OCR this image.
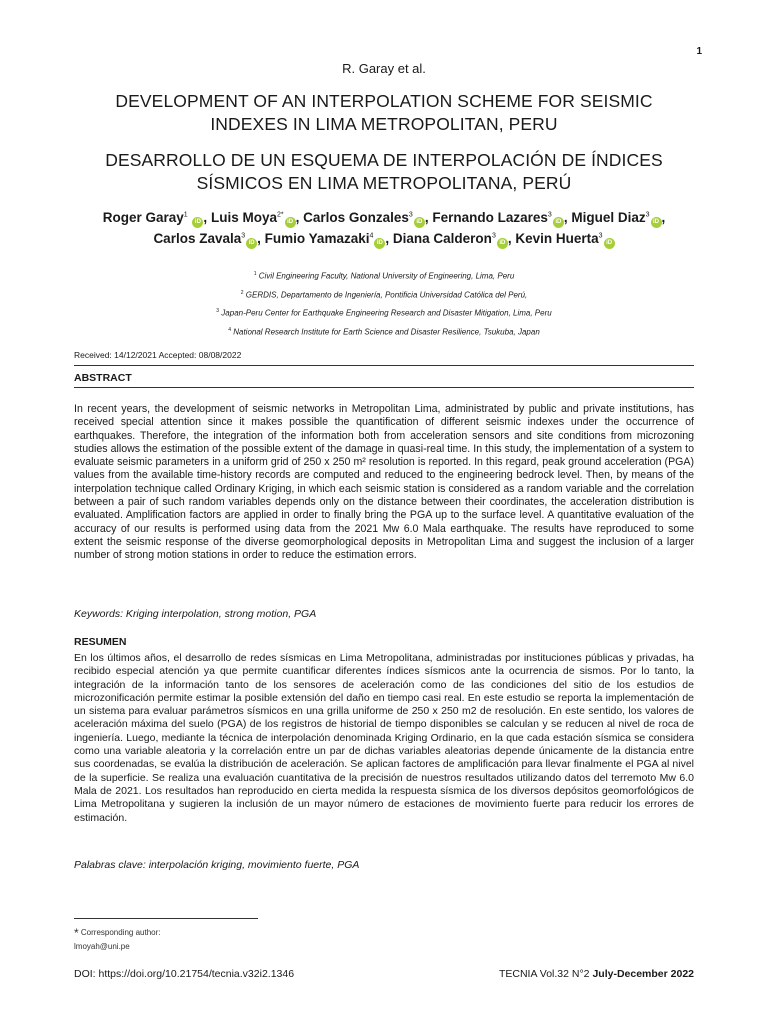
1
R. Garay et al.
DEVELOPMENT OF AN INTERPOLATION SCHEME FOR SEISMIC
INDEXES IN LIMA METROPOLITAN, PERU
DESARROLLO DE UN ESQUEMA DE INTERPOLACIÓN DE ÍNDICES
SÍSMICOS EN LIMA METROPOLITANA, PERÚ
Roger Garay$^1$ iD , Luis Moya$^{2*}$iD , Carlos Gonzales$^3$iD , Fernando Lazares$^3$iD , Miguel Diaz$^3$iD ,
Carlos Zavala$^3$iD , Fumio Yamazaki$^4$iD , Diana Calderon$^3$iD , Kevin Huerta$^3$iD
$^1$ Civil Engineering Faculty, National University of Engineering, Lima, Peru
$^2$ GERDIS, Departamento de Ingeniería, Pontificia Universidad Católica del Perú,
$^3$ Japan-Peru Center for Earthquake Engineering Research and Disaster Mitigation, Lima, Peru
$^4$ National Research Institute for Earth Science and Disaster Resilience, Tsukuba, Japan
Received: 14/12/2021 Accepted: 08/08/2022
ABSTRACT

In recent years, the development of seismic networks in Metropolitan Lima, administrated by public and private institutions, has received special attention since it makes possible the quantification of different seismic indexes under the occurrence of earthquakes. Therefore, the integration of the information both from acceleration sensors and site conditions from microzoning studies allows the estimation of the possible extent of the damage in quasi-real time. In this study, the implementation of a system to evaluate seismic parameters in a uniform grid of 250 x 250 m² resolution is reported. In this regard, peak ground acceleration (PGA) values from the available time-history records are computed and reduced to the engineering bedrock level. Then, by means of the interpolation technique called Ordinary Kriging, in which each seismic station is considered as a random variable and the correlation between a pair of such random variables depends only on the distance between their coordinates, the acceleration distribution is evaluated. Amplification factors are applied in order to finally bring the PGA up to the surface level. A quantitative evaluation of the accuracy of our results is performed using data from the 2021 Mw 6.0 Mala earthquake. The results have reproduced to some extent the seismic response of the diverse geomorphological deposits in Metropolitan Lima and suggest the inclusion of a larger number of strong motion stations in order to reduce the estimation errors.

Keywords: Kriging interpolation, strong motion, PGA
RESUMEN

En los últimos años, el desarrollo de redes sísmicas en Lima Metropolitana, administradas por instituciones públicas y privadas, ha recibido especial atención ya que permite cuantificar diferentes índices sísmicos ante la ocurrencia de sismos. Por lo tanto, la integración de la información tanto de los sensores de aceleración como de las condiciones del sitio de los estudios de microzonificación permite estimar la posible extensión del daño en tiempo casi real. En este estudio se reporta la implementación de un sistema para evaluar parámetros sísmicos en una grilla uniforme de 250 x 250 m2 de resolución. En este sentido, los valores de aceleración máxima del suelo (PGA) de los registros de historial de tiempo disponibles se calculan y se reducen al nivel de roca de ingeniería. Luego, mediante la técnica de interpolación denominada Kriging Ordinario, en la que cada estación sísmica se considera como una variable aleatoria y la correlación entre un par de dichas variables aleatorias depende únicamente de la distancia entre sus coordenadas, se evalúa la distribución de aceleración. Se aplican factores de amplificación para llevar finalmente el PGA al nivel de la superficie. Se realiza una evaluación cuantitativa de la precisión de nuestros resultados utilizando datos del terremoto Mw 6.0 Mala de 2021. Los resultados han reproducido en cierta medida la respuesta sísmica de los diversos depósitos geomorfológicos de Lima Metropolitana y sugieren la inclusión de un mayor número de estaciones de movimiento fuerte para reducir los errores de estimación.

Palabras clave: interpolación kriging, movimiento fuerte, PGA
* Corresponding author:
lmoyah@uni.pe
DOI: https://doi.org/10.21754/tecnia.v32i2.1346	TECNIA Vol.32 N°2 July-December 2022
